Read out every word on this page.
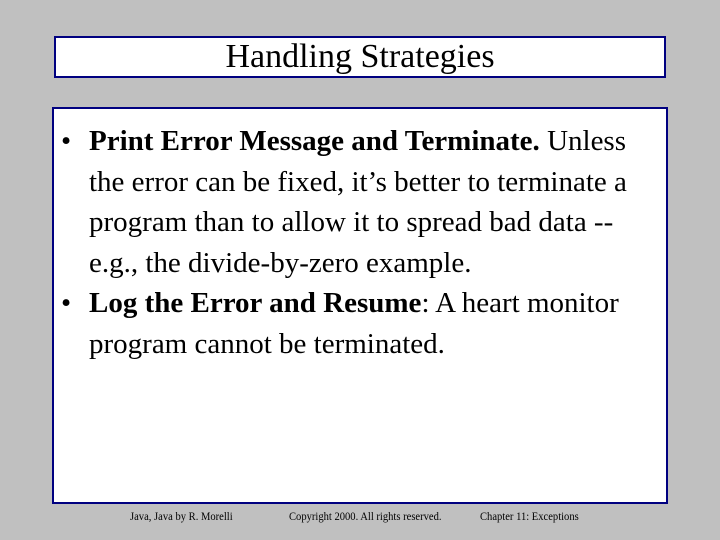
Handling Strategies
• Print Error Message and Terminate. Unless the error can be fixed, it’s better to terminate a program than to allow it to spread bad data -- e.g., the divide-by-zero example.
• Log the Error and Resume: A heart monitor program cannot be terminated.
Java, Java by R. Morelli	Copyright 2000. All rights reserved.	Chapter 11: Exceptions
